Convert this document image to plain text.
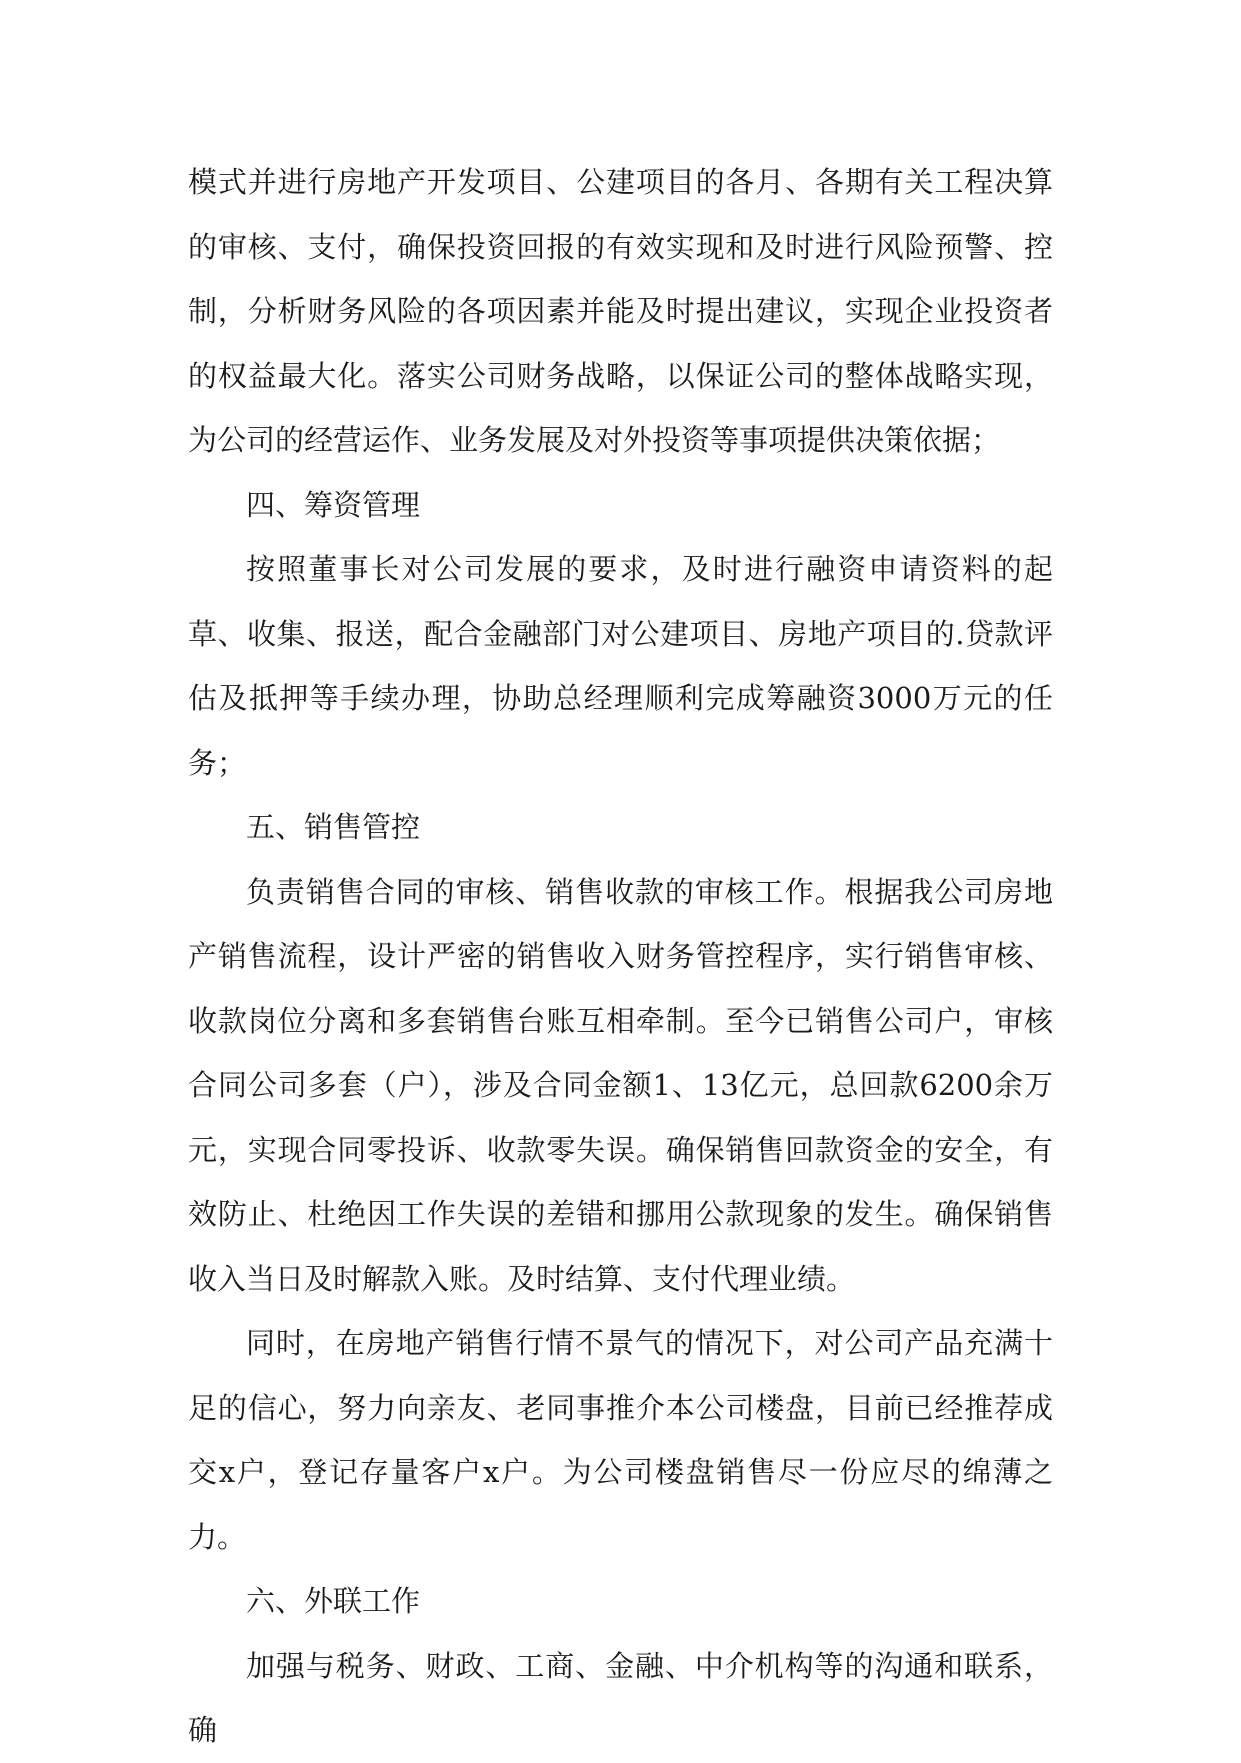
模式并进行房地产开发项目、公建项目的各月、各期有关工程决算的审核、支付，确保投资回报的有效实现和及时进行风险预警、控制，分析财务风险的各项因素并能及时提出建议，实现企业投资者的权益最大化。落实公司财务战略，以保证公司的整体战略实现，为公司的经营运作、业务发展及对外投资等事项提供决策依据；

四、筹资管理

按照董事长对公司发展的要求，及时进行融资申请资料的起草、收集、报送，配合金融部门对公建项目、房地产项目的.贷款评估及抵押等手续办理，协助总经理顺利完成筹融资3000万元的任务；

五、销售管控

负责销售合同的审核、销售收款的审核工作。根据我公司房地产销售流程，设计严密的销售收入财务管控程序，实行销售审核、收款岗位分离和多套销售台账互相牵制。至今已销售公司户，审核合同公司多套（户），涉及合同金额1、13亿元，总回款6200余万元，实现合同零投诉、收款零失误。确保销售回款资金的安全，有效防止、杜绝因工作失误的差错和挪用公款现象的发生。确保销售收入当日及时解款入账。及时结算、支付代理业绩。

同时，在房地产销售行情不景气的情况下，对公司产品充满十足的信心，努力向亲友、老同事推介本公司楼盘，目前已经推荐成交x户，登记存量客户x户。为公司楼盘销售尽一份应尽的绵薄之力。

六、外联工作

加强与税务、财政、工商、金融、中介机构等的沟通和联系，确
